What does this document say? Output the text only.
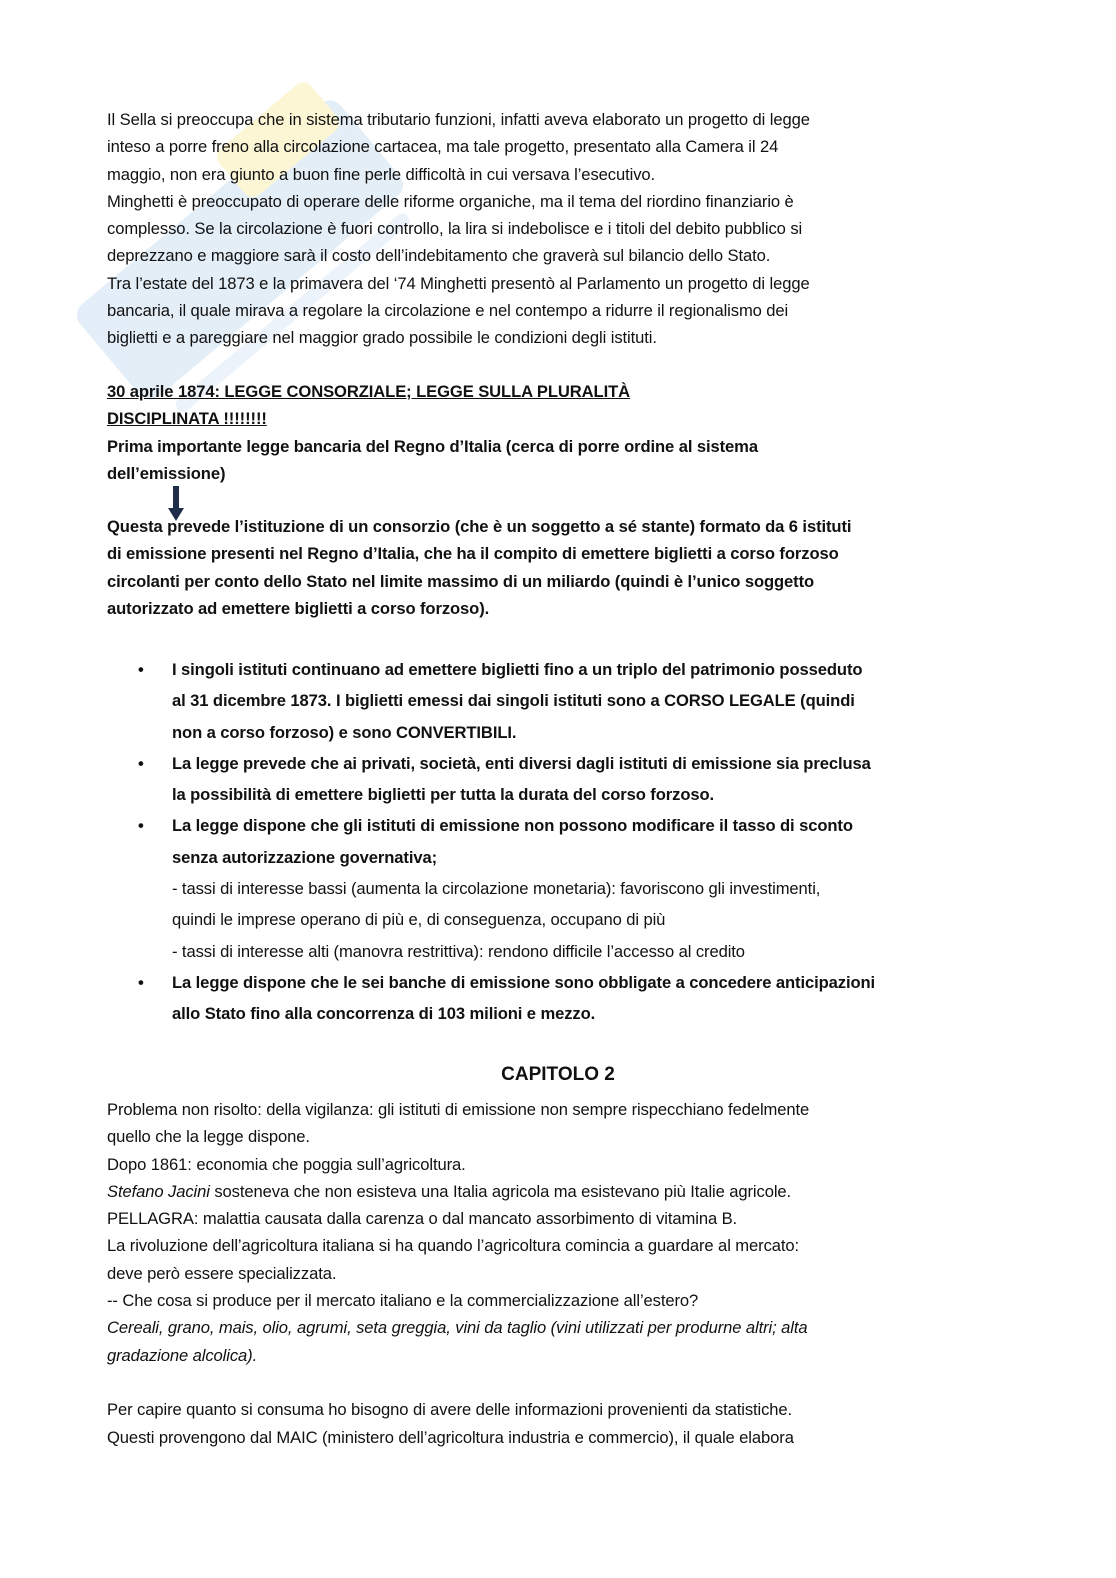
Il Sella si preoccupa che in sistema tributario funzioni, infatti aveva elaborato un progetto di legge
inteso a porre freno alla circolazione cartacea, ma tale progetto, presentato alla Camera il 24
maggio, non era giunto a buon fine perle difficoltà in cui versava l’esecutivo.
Minghetti è preoccupato di operare delle riforme organiche, ma il tema del riordino finanziario è
complesso. Se la circolazione è fuori controllo, la lira si indebolisce e i titoli del debito pubblico si
deprezzano e maggiore sarà il costo dell’indebitamento che graverà sul bilancio dello Stato.
Tra l’estate del 1873 e la primavera del ‘74 Minghetti presentò al Parlamento un progetto di legge
bancaria, il quale mirava a regolare la circolazione e nel contempo a ridurre il regionalismo dei
biglietti e a pareggiare nel maggior grado possibile le condizioni degli istituti.
30 aprile 1874: LEGGE CONSORZIALE; LEGGE SULLA PLURALITÀ
DISCIPLINATA !!!!!!!!
Prima importante legge bancaria del Regno d’Italia (cerca di porre ordine al sistema
dell’emissione)
Questa prevede l’istituzione di un consorzio (che è un soggetto a sé stante) formato da 6 istituti
di emissione presenti nel Regno d’Italia, che ha il compito di emettere biglietti a corso forzoso
circolanti per conto dello Stato nel limite massimo di un miliardo (quindi è l’unico soggetto
autorizzato ad emettere biglietti a corso forzoso).
• I singoli istituti continuano ad emettere biglietti fino a un triplo del patrimonio posseduto
al 31 dicembre 1873. I biglietti emessi dai singoli istituti sono a CORSO LEGALE (quindi
non a corso forzoso) e sono CONVERTIBILI.
• La legge prevede che ai privati, società, enti diversi dagli istituti di emissione sia preclusa
la possibilità di emettere biglietti per tutta la durata del corso forzoso.
• La legge dispone che gli istituti di emissione non possono modificare il tasso di sconto
senza autorizzazione governativa;
- tassi di interesse bassi (aumenta la circolazione monetaria): favoriscono gli investimenti,
quindi le imprese operano di più e, di conseguenza, occupano di più
- tassi di interesse alti (manovra restrittiva): rendono difficile l’accesso al credito
• La legge dispone che le sei banche di emissione sono obbligate a concedere anticipazioni
allo Stato fino alla concorrenza di 103 milioni e mezzo.
CAPITOLO 2
Problema non risolto: della vigilanza: gli istituti di emissione non sempre rispecchiano fedelmente
quello che la legge dispone.
Dopo 1861: economia che poggia sull’agricoltura.
Stefano Jacini sosteneva che non esisteva una Italia agricola ma esistevano più Italie agricole.
PELLAGRA: malattia causata dalla carenza o dal mancato assorbimento di vitamina B.
La rivoluzione dell’agricoltura italiana si ha quando l’agricoltura comincia a guardare al mercato:
deve però essere specializzata.
-- Che cosa si produce per il mercato italiano e la commercializzazione all’estero?
Cereali, grano, mais, olio, agrumi, seta greggia, vini da taglio (vini utilizzati per produrne altri; alta
gradazione alcolica).
Per capire quanto si consuma ho bisogno di avere delle informazioni provenienti da statistiche.
Questi provengono dal MAIC (ministero dell’agricoltura industria e commercio), il quale elabora
